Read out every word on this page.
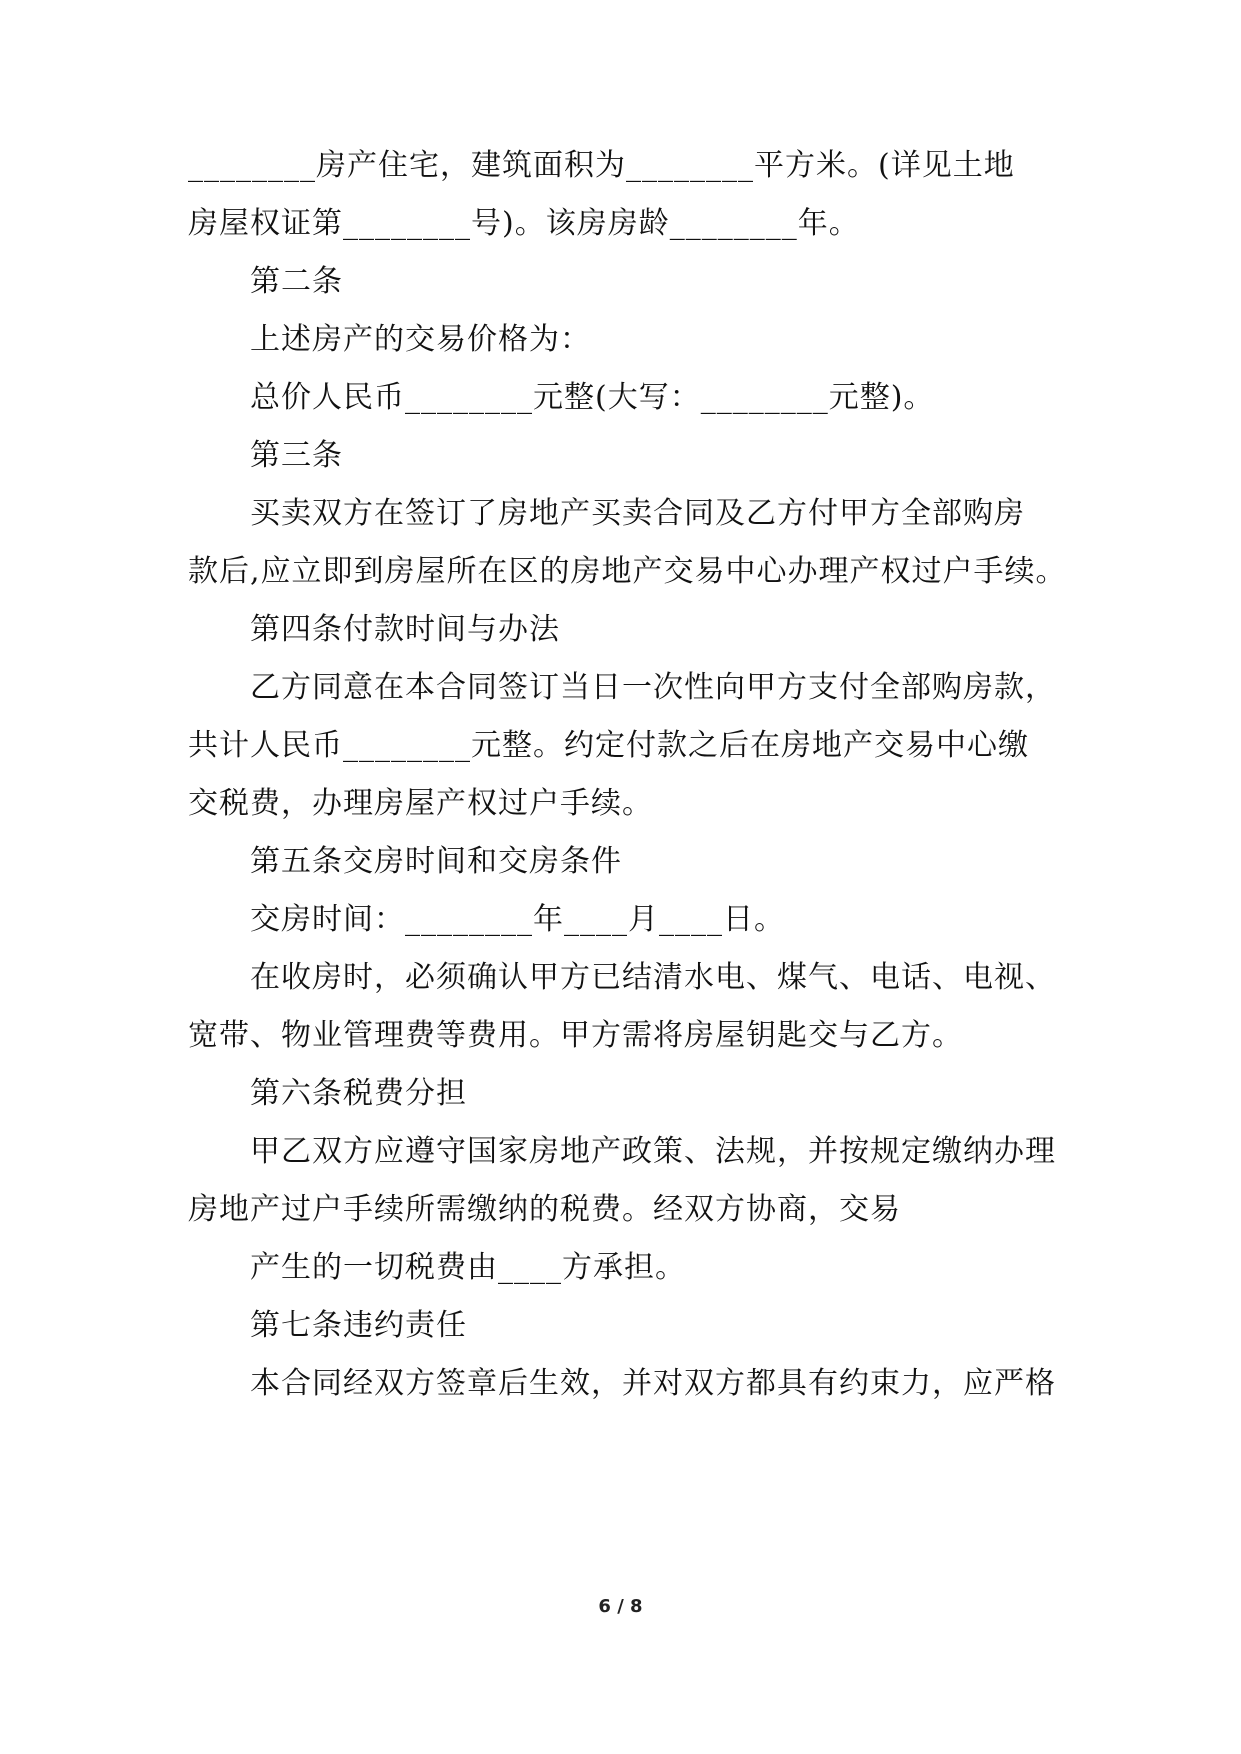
________房产住宅，建筑面积为________平方米。(详见土地
房屋权证第________号)。该房房龄________年。
第二条
上述房产的交易价格为：
总价人民币________元整(大写：________元整)。
第三条
买卖双方在签订了房地产买卖合同及乙方付甲方全部购房
款后,应立即到房屋所在区的房地产交易中心办理产权过户手续。
第四条付款时间与办法
乙方同意在本合同签订当日一次性向甲方支付全部购房款，
共计人民币________元整。约定付款之后在房地产交易中心缴
交税费，办理房屋产权过户手续。
第五条交房时间和交房条件
交房时间：________年____月____日。
在收房时，必须确认甲方已结清水电、煤气、电话、电视、
宽带、物业管理费等费用。甲方需将房屋钥匙交与乙方。
第六条税费分担
甲乙双方应遵守国家房地产政策、法规，并按规定缴纳办理
房地产过户手续所需缴纳的税费。经双方协商，交易
产生的一切税费由____方承担。
第七条违约责任
本合同经双方签章后生效，并对双方都具有约束力，应严格
6 / 8
